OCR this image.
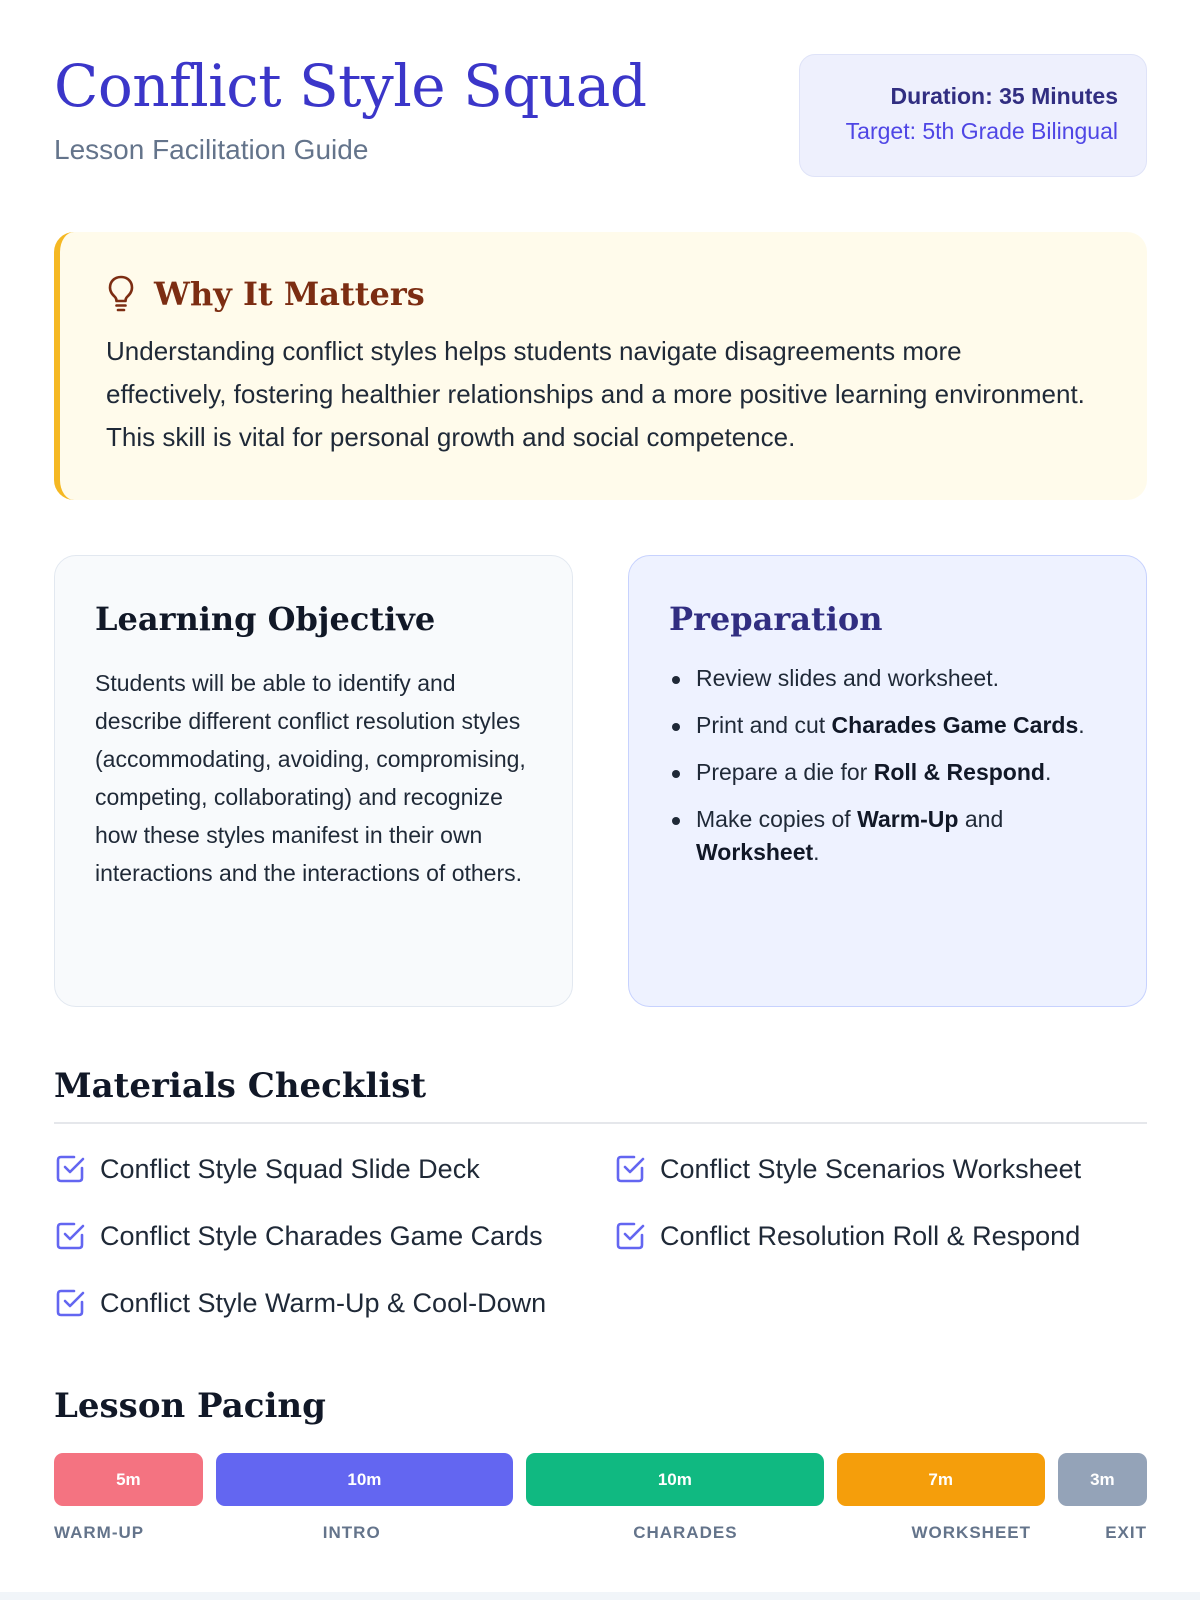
Conflict Style Squad
Lesson Facilitation Guide
Duration: 35 Minutes
Target: 5th Grade Bilingual
Why It Matters

Understanding conflict styles helps students navigate disagreements more effectively, fostering healthier relationships and a more positive learning environment. This skill is vital for personal growth and social competence.

Learning Objective

Students will be able to identify and describe different conflict resolution styles (accommodating, avoiding, compromising, competing, collaborating) and recognize how these styles manifest in their own interactions and the interactions of others.

Preparation
Review slides and worksheet.
Print and cut Charades Game Cards.
Prepare a die for Roll & Respond.
Make copies of Warm-Up and Worksheet.
Materials Checklist
Conflict Style Squad Slide Deck	Conflict Style Scenarios Worksheet
Conflict Style Charades Game Cards	Conflict Resolution Roll & Respond
Conflict Style Warm-Up & Cool-Down
Lesson Pacing
5m
WARM-UP
10m
INTRO
10m
CHARADES
7m
WORKSHEET
3m
EXIT
